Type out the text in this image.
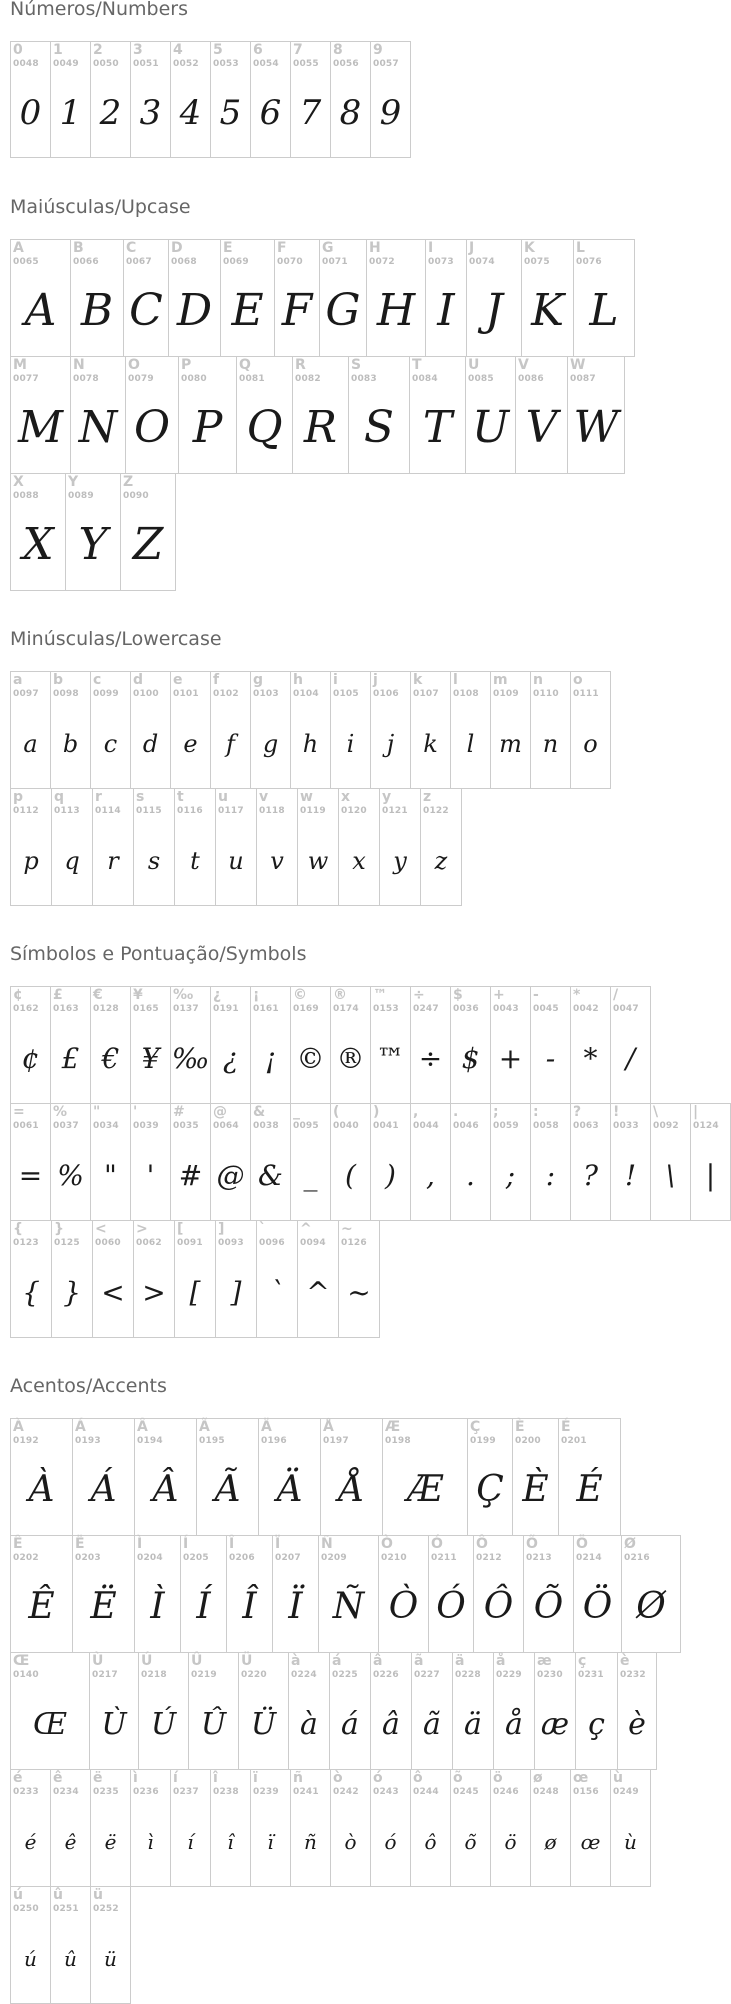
Números/Numbers
0
0048
0
1
0049
1
2
0050
2
3
0051
3
4
0052
4
5
0053
5
6
0054
6
7
0055
7
8
0056
8
9
0057
9
Maiúsculas/Upcase
A
0065
A
B
0066
B
C
0067
C
D
0068
D
E
0069
E
F
0070
F
G
0071
G
H
0072
H
I
0073
I
J
0074
J
K
0075
K
L
0076
L
M
0077
M
N
0078
N
O
0079
O
P
0080
P
Q
0081
Q
R
0082
R
S
0083
S
T
0084
T
U
0085
U
V
0086
V
W
0087
W
X
0088
X
Y
0089
Y
Z
0090
Z
Minúsculas/Lowercase
a
0097
a
b
0098
b
c
0099
c
d
0100
d
e
0101
e
f
0102
f
g
0103
g
h
0104
h
i
0105
i
j
0106
j
k
0107
k
l
0108
l
m
0109
m
n
0110
n
o
0111
o
p
0112
p
q
0113
q
r
0114
r
s
0115
s
t
0116
t
u
0117
u
v
0118
v
w
0119
w
x
0120
x
y
0121
y
z
0122
z
Símbolos e Pontuação/Symbols
¢
0162
¢
£
0163
£
€
0128
€
¥
0165
¥
‰
0137
‰
¿
0191
¿
¡
0161
¡
©
0169
©
®
0174
®
™
0153
™
÷
0247
÷
$
0036
$
+
0043
+
-
0045
-
*
0042
*
/
0047
/
=
0061
=
%
0037
%
"
0034
"
'
0039
'
#
0035
#
@
0064
@
&
0038
&
_
0095
_
(
0040
(
)
0041
)
,
0044
,
.
0046
.
;
0059
;
:
0058
:
?
0063
?
!
0033
!
\
0092
\
|
0124
|
{
0123
{
}
0125
}
<
0060
<
>
0062
>
[
0091
[
]
0093
]
`
0096
`
^
0094
^
~
0126
~
Acentos/Accents
À
0192
À
Á
0193
Á
Â
0194
Â
Ã
0195
Ã
Ä
0196
Ä
Å
0197
Å
Æ
0198
Æ
Ç
0199
Ç
È
0200
È
É
0201
É
Ê
0202
Ê
Ë
0203
Ë
Ì
0204
Ì
Í
0205
Í
Î
0206
Î
Ï
0207
Ï
Ñ
0209
Ñ
Ò
0210
Ò
Ó
0211
Ó
Ô
0212
Ô
Õ
0213
Õ
Ö
0214
Ö
Ø
0216
Ø
Œ
0140
Œ
Ù
0217
Ù
Ú
0218
Ú
Û
0219
Û
Ü
0220
Ü
à
0224
à
á
0225
á
â
0226
â
ã
0227
ã
ä
0228
ä
å
0229
å
æ
0230
æ
ç
0231
ç
è
0232
è
é
0233
é
ê
0234
ê
ë
0235
ë
ì
0236
ì
í
0237
í
î
0238
î
ï
0239
ï
ñ
0241
ñ
ò
0242
ò
ó
0243
ó
ô
0244
ô
õ
0245
õ
ö
0246
ö
ø
0248
ø
œ
0156
œ
ù
0249
ù
ú
0250
ú
û
0251
û
ü
0252
ü
